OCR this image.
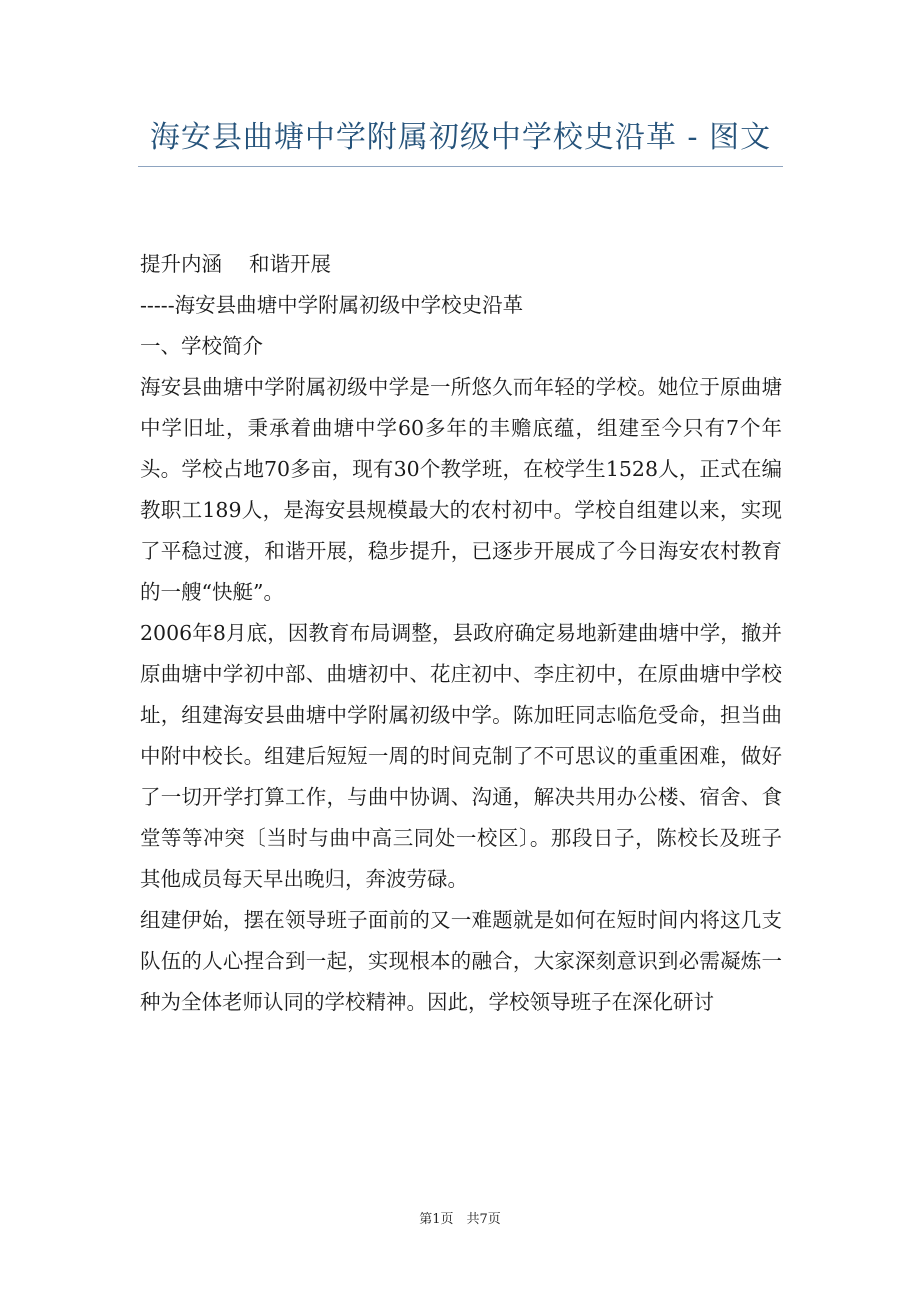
海安县曲塘中学附属初级中学校史沿革 - 图文

提升内涵　 和谐开展

-----海安县曲塘中学附属初级中学校史沿革

一、学校简介

海安县曲塘中学附属初级中学是一所悠久而年轻的学校。她位于原曲塘中学旧址，秉承着曲塘中学60多年的丰赡底蕴，组建至今只有7个年头。学校占地70多亩，现有30个教学班，在校学生1528人，正式在编教职工189人，是海安县规模最大的农村初中。学校自组建以来，实现了平稳过渡，和谐开展，稳步提升，已逐步开展成了今日海安农村教育的一艘“快艇”。

2006年8月底，因教育布局调整，县政府确定易地新建曲塘中学，撤并原曲塘中学初中部、曲塘初中、花庄初中、李庄初中，在原曲塘中学校址，组建海安县曲塘中学附属初级中学。陈加旺同志临危受命，担当曲中附中校长。组建后短短一周的时间克制了不可思议的重重困难，做好了一切开学打算工作，与曲中协调、沟通，解决共用办公楼、宿舍、食堂等等冲突〔当时与曲中高三同处一校区〕。那段日子，陈校长及班子其他成员每天早出晚归，奔波劳碌。

组建伊始，摆在领导班子面前的又一难题就是如何在短时间内将这几支队伍的人心捏合到一起，实现根本的融合，大家深刻意识到必需凝炼一种为全体老师认同的学校精神。因此，学校领导班子在深化研讨

第1页　共7页
